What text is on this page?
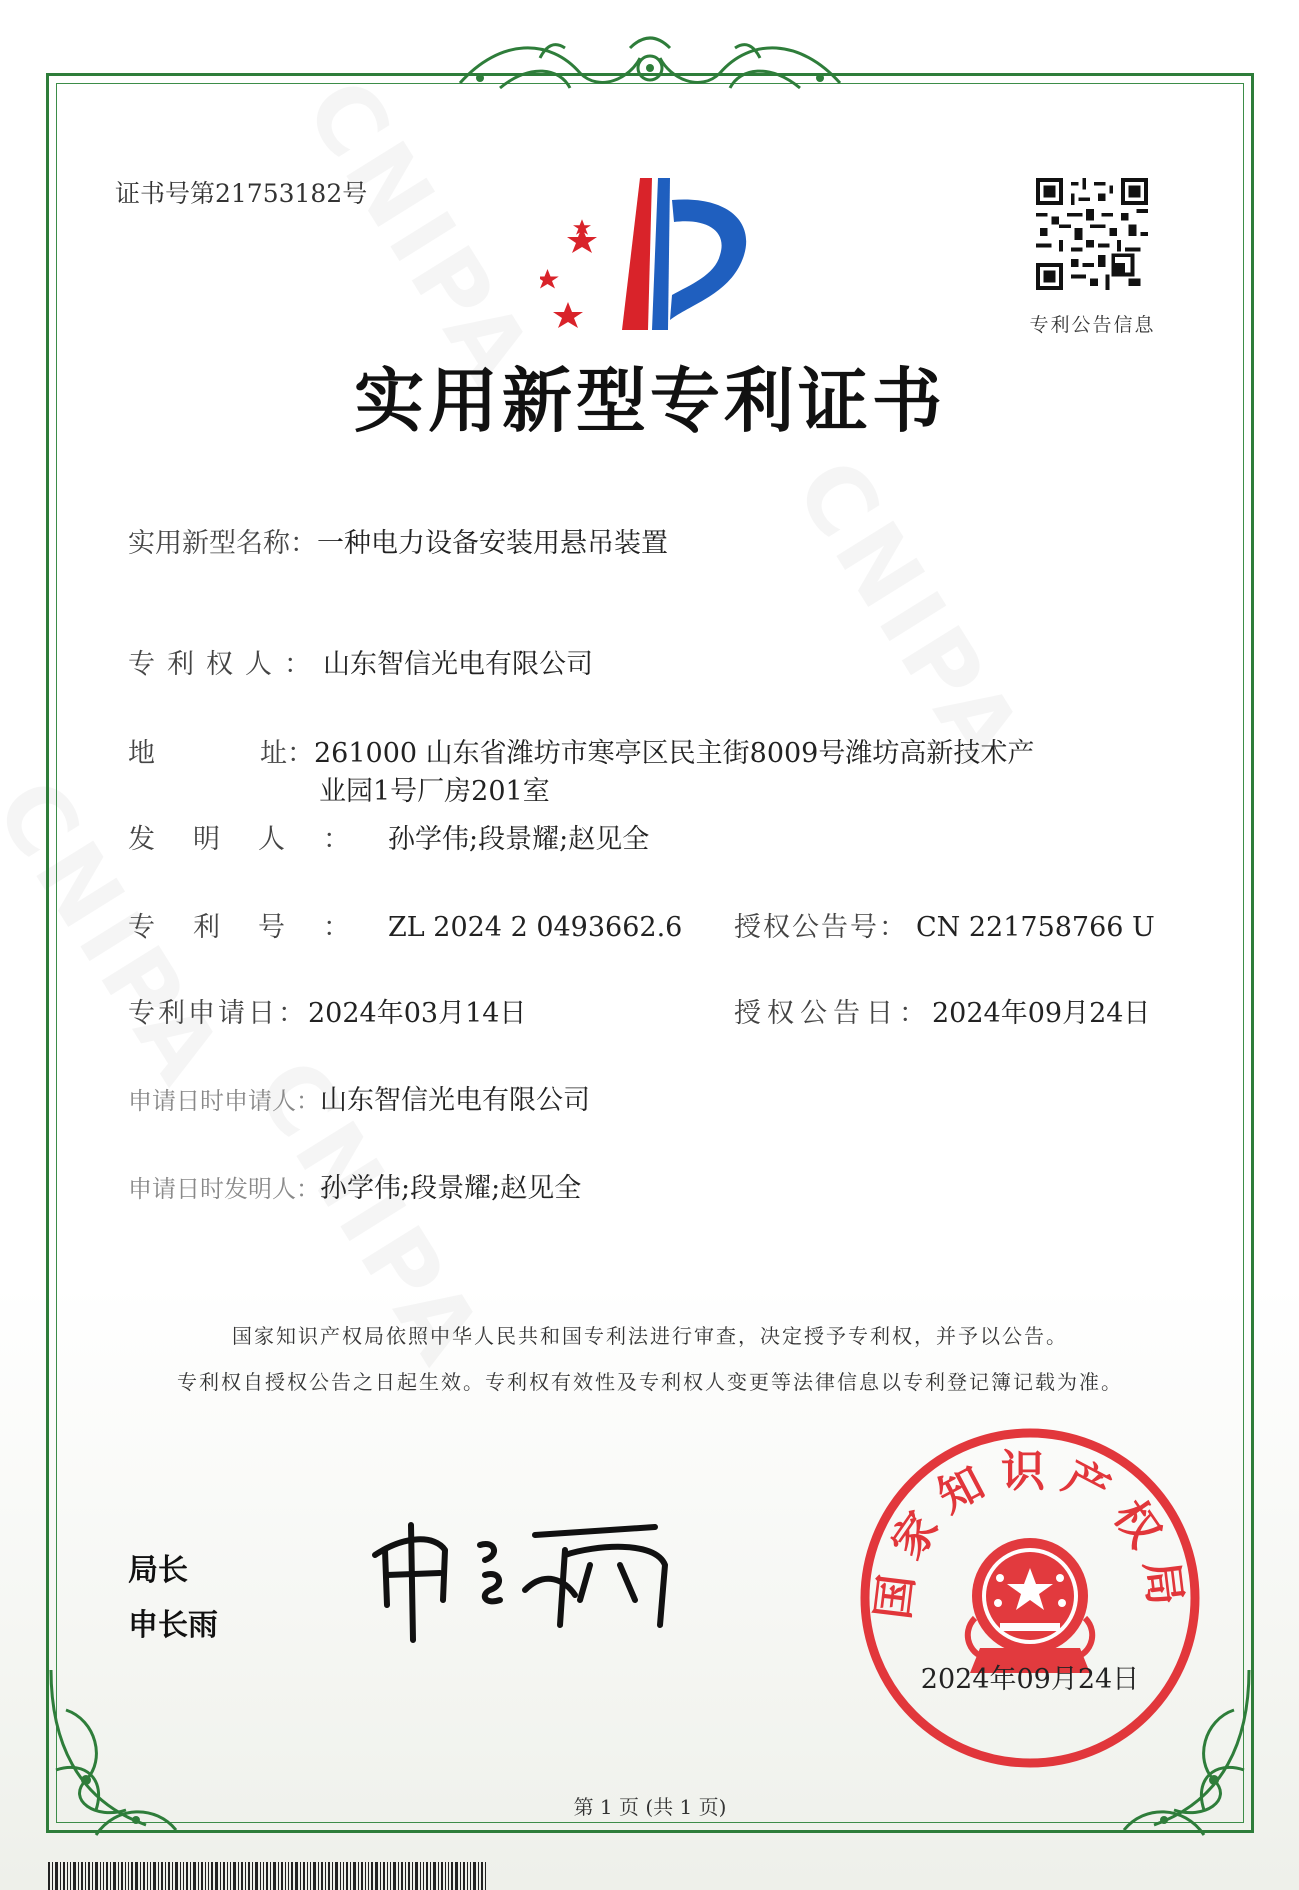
证书号第21753182号
专利公告信息
实用新型专利证书
实用新型名称：一种电力设备安装用悬吊装置
专利权人：山东智信光电有限公司
地	址：261000 山东省潍坊市寒亭区民主街8009号潍坊高新技术产
业园1号厂房201室
发明人：孙学伟;段景耀;赵见全
专利号：ZL 2024 2 0493662.6 授权公告号： CN 221758766 U
专利申请日：2024年03月14日	授权公告日：2024年09月24日
申请日时申请人：山东智信光电有限公司
申请日时发明人：孙学伟;段景耀;赵见全
国家知识产权局依照中华人民共和国专利法进行审查，决定授予专利权，并予以公告。
专利权自授权公告之日起生效。专利权有效性及专利权人变更等法律信息以专利登记簿记载为准。
局长
申长雨
国家知识产权局
2024年09月24日
第 1 页 (共 1 页)
